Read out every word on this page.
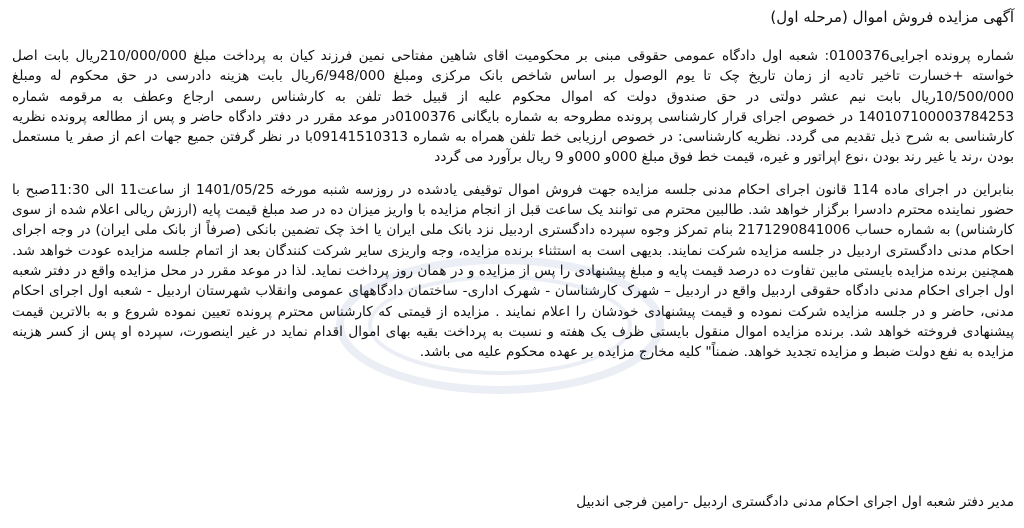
آگهی مزایده فروش اموال (مرحله اول)

شماره پرونده اجرایی0100376: شعبه اول دادگاه عمومی حقوقی مبنی بر محکومیت اقای شاهین مفتاحی نمین فرزند کیان به پرداخت مبلغ 210/000/000ریال بابت اصل خواسته +خسارت تاخیر تادیه از زمان تاریخ چک تا یوم الوصول بر اساس شاخص بانک مرکزی ومبلغ 6/948/000ریال بابت هزینه دادرسی در حق محکوم له ومبلغ 10/500/000ریال بابت نیم عشر دولتی در حق صندوق دولت که اموال محکوم علیه از قبیل خط تلفن به کارشناس رسمی ارجاع وعطف به مرقومه شماره 140107100003784253 در خصوص اجرای قرار کارشناسی پرونده مطروحه به شماره بایگانی 0100376در موعد مقرر در دفتر دادگاه حاضر و پس از مطالعه پرونده نظریه کارشناسی به شرح ذیل تقدیم می گردد. نظریه کارشناسی: در خصوص ارزیابی خط تلفن همراه به شماره 09141510313با در نظر گرفتن جمیع جهات اعم از صفر یا مستعمل بودن ،رند یا غیر رند بودن ،نوع اپراتور و غیره، قیمت خط فوق مبلغ 000و 000و 9 ریال برآورد می گردد

بنابراین در اجرای ماده 114 قانون اجرای احکام مدنی جلسه مزایده جهت فروش اموال توقیفی یادشده در روزسه شنبه مورخه 1401/05/25 از ساعت11 الی 11:30صبح با حضور نماینده محترم دادسرا برگزار خواهد شد. طالبین محترم می توانند یک ساعت قبل از انجام مزایده با واریز میزان ده در صد مبلغ قیمت پایه (ارزش ریالی اعلام شده از سوی کارشناس) به شماره حساب 2171290841006 بنام تمرکز وجوه سپرده دادگستری اردبیل نزد بانک ملی ایران یا اخذ چک تضمین بانکی (صرفاً از بانک ملی ایران) در وجه اجرای احکام مدنی دادگستری اردبیل در جلسه مزایده شرکت نمایند. بدیهی است به استثناء برنده مزایده، وجه واریزی سایر شرکت کنندگان بعد از اتمام جلسه مزایده عودت خواهد شد. همچنین برنده مزایده بایستی مابین تفاوت ده درصد قیمت پایه و مبلغ پیشنهادی را پس از مزایده و در همان روز پرداخت نماید. لذا در موعد مقرر در محل مزایده واقع در دفتر شعبه اول اجرای احکام مدنی دادگاه حقوقی اردبیل واقع در اردبیل – شهرک کارشناسان - شهرک اداری- ساختمان دادگاههای عمومی وانقلاب شهرستان اردبیل - شعبه اول اجرای احکام مدنی، حاضر و در جلسه مزایده شرکت نموده و قیمت پیشنهادی خودشان را اعلام نمایند . مزایده از قیمتی که کارشناس محترم پرونده تعیین نموده شروع و به بالاترین قیمت پیشنهادی فروخته خواهد شد. برنده مزایده اموال منقول بایستی ظرف یک هفته و نسبت به پرداخت بقیه بهای اموال اقدام نماید در غیر اینصورت، سپرده او پس از کسر هزینه مزایده به نفع دولت ضبط و مزایده تجدید خواهد. ضمناً" کلیه مخارج مزایده بر عهده محکوم علیه می باشد.

مدیر دفتر شعبه اول اجرای احکام مدنی دادگستری اردبیل -رامین فرجی اندبیل
